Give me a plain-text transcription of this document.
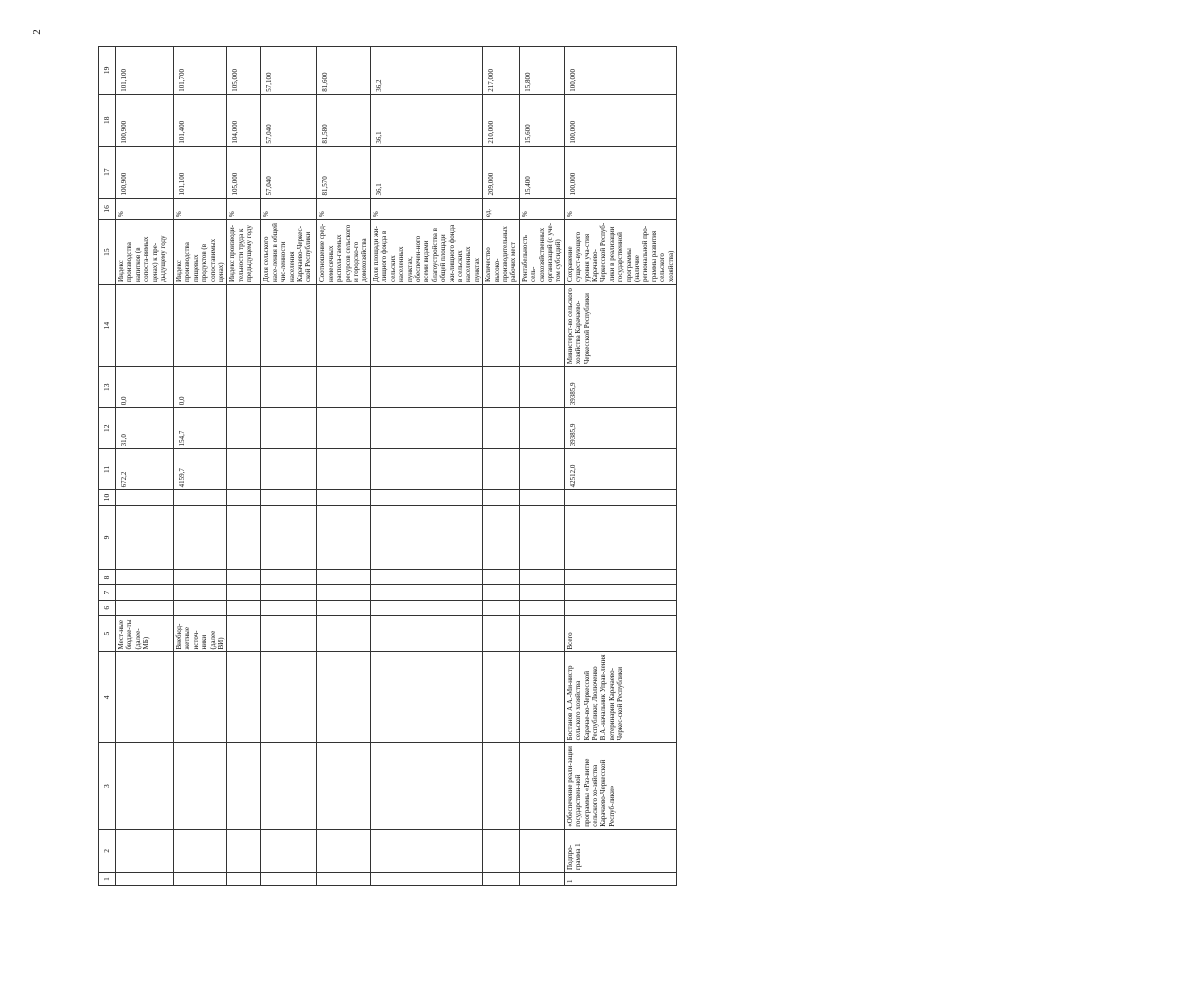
2
1	2	3	4	5	6	7	8	9	10	11	12	13	14	15	16	17	18	19
				Мест-ные бюдже-ты (далее-МБ)						672,2	31,0	0,0		Индекс производства напитков (в сопоста-вимых ценах) к пре-дыдущему году	%	100,900	100,900	101,100
				Внебюд-жетные источ-ники (далее ВИ)						4159,7	154,7	0,0		Индекс производства пищевых продуктов (в сопоставимых ценах)	%	101,100	101,400	101,700
														Индекс производи-тельности труда к предыдущему году	%	105,000	104,000	105,000
														Доля сельского насе-ления в общей чис-ленности населения Карачаево-Черкес-ской Республики	%	57,040	57,040	57,100
														Соотношение сред-немесячных распола-гаемых ресурсов сельского и городско-го домохозяйства	%	81,570	81,580	81,600
														Доля площади жи-лищного фонда в сельских населенных пунктах, обеспечен-ного всеми видами благоустройства в общей площади жи-лищного фонда в сельских населенных пунктах	%	36,1	36,1	36,2
														Количество высоко-производительных рабочих мест	ед.	209,000	210,000	217,000
														Рентабельность сель-скохозяйственных организаций (с уче-том субсидий)	%	15,400	15,600	15,800
1	Подпро-грамма 1	«Обеспечение реали-зации государствен-ной программы «Раз-витие сельского хо-зяйства Карачаево-Черкесской Респуб-лики»	Бостанов А.А.-Ми-нистр сельского хозяйства Карачае-во-Черкесской Республики; Люлюченко В.А.-начальник Управ-ления ветеринарии Карачаево-Черкес-ской Республики	Всего						42512,0	39385,9	39385,9	Министерст-во сельского хозяйства Карачаево-Черкесской Республики	Сохранение сущест-вующего уровня уча-стия Карачаево-Черкесской Респуб-лики в реализации государственной программы (наличие региональной про-граммы развития сельского хозяйства)	%	100,000	100,000	100,000
